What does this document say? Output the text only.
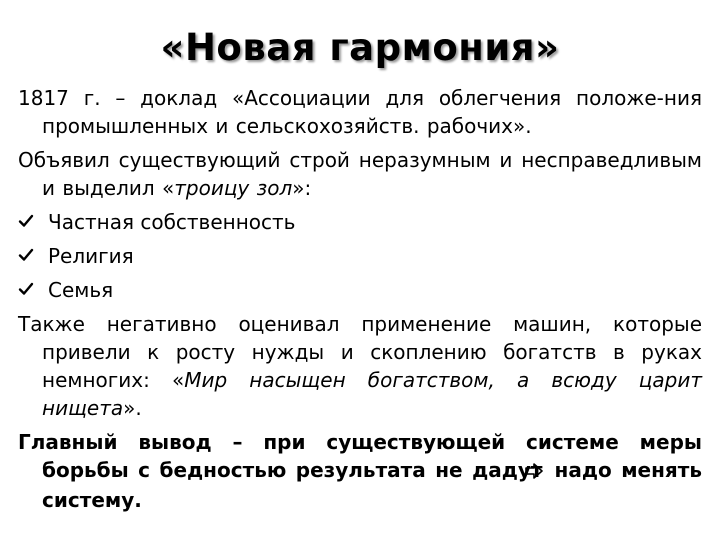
«Новая гармония»

1817 г. – доклад «Ассоциации для облегчения положе-ния промышленных и сельскохозяйств. рабочих».

Объявил существующий строй неразумным и несправедливым и выделил «троицу зол»:

Частная собственность
Религия
Семья

Также негативно оценивал применение машин, которые привели к росту нужды и скоплению богатств в руках немногих: «Мир насыщен богатством, а всюду царит нищета».

Главный вывод – при существующей системе меры борьбы с бедностью результата не дадут надо менять систему.
